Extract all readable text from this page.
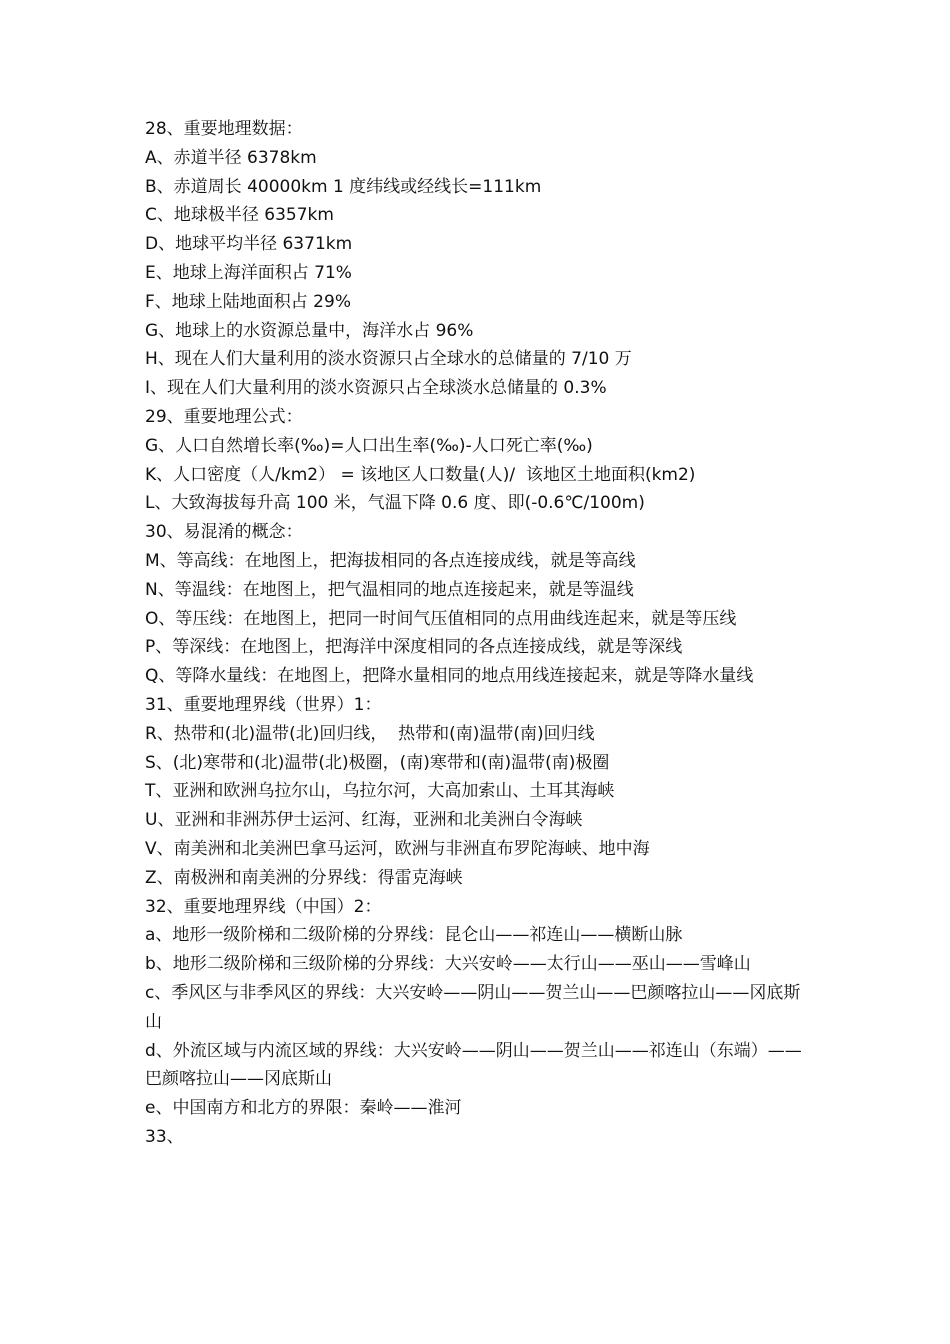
28、重要地理数据：

A、赤道半径 6378km

B、赤道周长 40000km 1 度纬线或经线长=111km

C、地球极半径 6357km

D、地球平均半径 6371km

E、地球上海洋面积占 71%

F、地球上陆地面积占 29%

G、地球上的水资源总量中，海洋水占 96%

H、现在人们大量利用的淡水资源只占全球水的总储量的 7/10 万

I、现在人们大量利用的淡水资源只占全球淡水总储量的 0.3%

29、重要地理公式：

G、人口自然增长率(‰)=人口出生率(‰)-人口死亡率(‰)

K、人口密度（人/km2） = 该地区人口数量(人)/  该地区土地面积(km2)

L、大致海拔每升高 100 米，气温下降 0.6 度、即(-0.6℃/100m)

30、易混淆的概念：

M、等高线：在地图上，把海拔相同的各点连接成线，就是等高线

N、等温线：在地图上，把气温相同的地点连接起来，就是等温线

O、等压线：在地图上，把同一时间气压值相同的点用曲线连起来，就是等压线

P、等深线：在地图上，把海洋中深度相同的各点连接成线，就是等深线

Q、等降水量线：在地图上，把降水量相同的地点用线连接起来，就是等降水量线

31、重要地理界线（世界）1：

R、热带和(北)温带(北)回归线，  热带和(南)温带(南)回归线

S、(北)寒带和(北)温带(北)极圈，(南)寒带和(南)温带(南)极圈

T、亚洲和欧洲乌拉尔山，乌拉尔河，大高加索山、土耳其海峡

U、亚洲和非洲苏伊士运河、红海，亚洲和北美洲白令海峡

V、南美洲和北美洲巴拿马运河，欧洲与非洲直布罗陀海峡、地中海

Z、南极洲和南美洲的分界线：得雷克海峡

32、重要地理界线（中国）2：

a、地形一级阶梯和二级阶梯的分界线：昆仑山——祁连山——横断山脉

b、地形二级阶梯和三级阶梯的分界线：大兴安岭——太行山——巫山——雪峰山

c、季风区与非季风区的界线：大兴安岭——阴山——贺兰山——巴颜喀拉山——冈底斯山

d、外流区域与内流区域的界线：大兴安岭——阴山——贺兰山——祁连山（东端）——巴颜喀拉山——冈底斯山

e、中国南方和北方的界限：秦岭——淮河

33、
